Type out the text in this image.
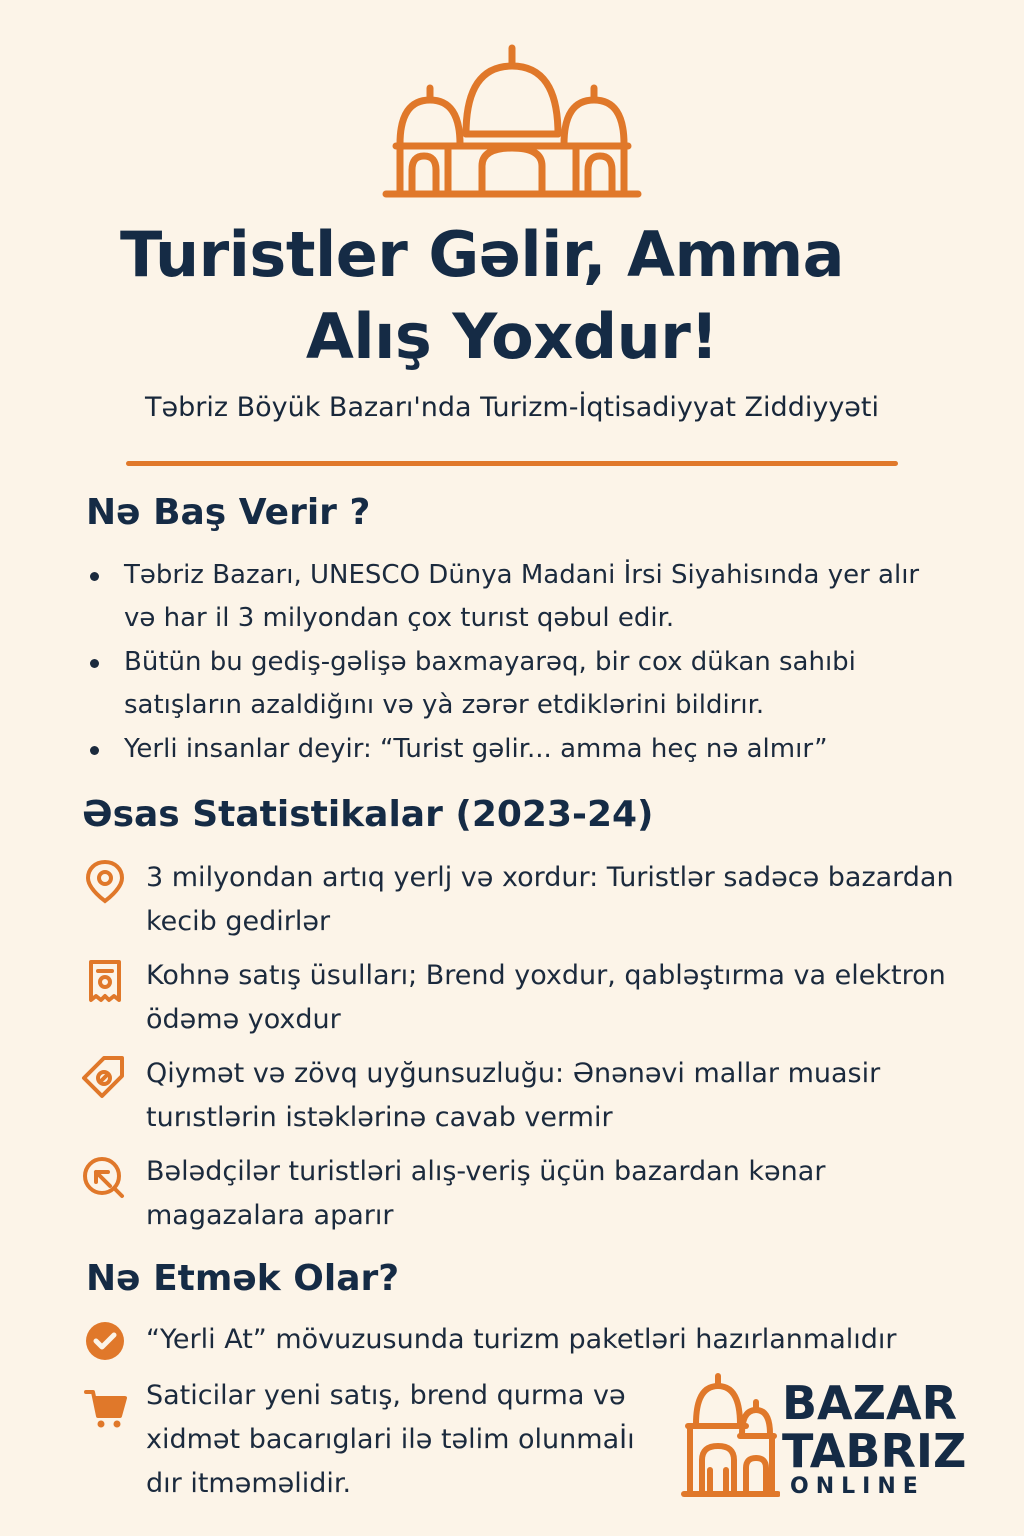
Turistler Gəlir, Amma
Alış Yoxdur!

Təbriz Böyük Bazarı'nda Turizm-İqtisadiyyat Ziddiyyəti

Nə Baş Verir ?

Təbriz Bazarı, UNESCO Dünya Madani İrsi Siyahisında yer alır

və har il 3 milyondan çox turıst qəbul edir.

Bütün bu gediş-gəlişə baxmayarəq, bir cox dükan sahıbi

satışların azaldiğını və yà zərər etdiklərini bildirır.

Yerli insanlar deyir: “Turist gəlir... amma heç nə almır”

Əsas Statistikalar (2023-24)

3 milyondan artıq yerlj və xordur: Turistlər sadəcə bazardan

kecib gedirlər

Kohnə satış üsulları; Brend yoxdur, qabləştırma va elektron

ödəmə yoxdur

Qiymət və zövq uyğunsuzluğu: Ənənəvi mallar muasir

turıstlərin istəklərinə cavab vermir

Bələdçilər turistləri alış-veriş üçün bazardan kənar

magazalara aparır

Nə Etmək Olar?

“Yerli At” mövuzusunda turizm paketləri hazırlanmalıdır

Saticilar yeni satış, brend qurma və

xidmət bacarıglari ilə təlim olunmaİı

dır itməməlidir.

BAZAR

TABRIZ

ONLINE
